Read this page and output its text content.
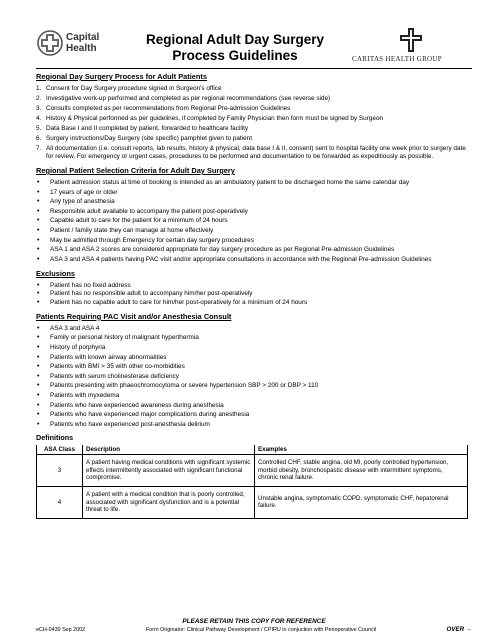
Capital
Health
Regional Adult Day Surgery
Process Guidelines	CARITAS HEALTH GROUP
Regional Day Surgery Process for Adult Patients
1. Consent for Day Surgery procedure signed in Surgeon's office
2. Investigative work-up performed and completed as per regional recommendations (see reverse side)
3. Consults completed as per recommendations from Regional Pre-admission Guidelines
4. History & Physical performed as per guidelines, if completed by Family Physician then form must be signed by Surgeon
5. Data Base I and II completed by patient, forwarded to healthcare facility
6. Surgery instructions/Day Surgery (site specific) pamphlet given to patient
7. All documentation (i.e. consult reports, lab results, history & physical, data base I & II, consent) sent to hospital facility one week prior to surgery date for review. For emergency or urgent cases, procedures to be performed and documentation to be forwarded as expeditiously as possible.
Regional Patient Selection Criteria for Adult Day Surgery
• Patient admission status at time of booking is intended as an ambulatory patient to be discharged home the same calendar day
• 17 years of age or older
• Any type of anesthesia
• Responsible adult available to accompany the patient post-operatively
• Capable adult to care for the patient for a minimum of 24 hours
• Patient / family state they can manage at home effectively
• May be admitted through Emergency for certain day surgery procedures
• ASA 1 and ASA 2 scores are considered appropriate for day surgery procedure as per Regional Pre-admission Guidelines
• ASA 3 and ASA 4 patients having PAC visit and/or appropriate consultations in accordance with the Regional Pre-admission Guidelines
Exclusions
• Patient has no fixed address
• Patient has no responsible adult to accompany him/her post-operatively
• Patient has no capable adult to care for him/her post-operatively for a minimum of 24 hours
Patients Requiring PAC Visit and/or Anesthesia Consult
• ASA 3 and ASA 4
• Family or personal history of malignant hyperthermia
• History of porphyria
• Patients with known airway abnormalities
• Patients with BMI > 35 with other co-morbidities
• Patients with serum cholinesterase deficiency
• Patients presenting with phaeochromocytoma or severe hypertension SBP > 200 or DBP > 110
• Patients with myxedema
• Patients who have experienced awareness during anesthesia
• Patients who have experienced major complications during anesthesia
• Patients who have experienced post-anesthesia delirium
Definitions
ASA Class	Description	Examples
3	A patient having medical conditions with significant systemic effects intermittently associated with significant functional compromise.	Controlled CHF, stable angina, old MI, poorly controlled hypertension, morbid obesity, bronchospastic disease with intermittent symptoms, chronic renal failure.
4	A patient with a medical condition that is poorly controlled, associated with significant dysfunction and is a potential threat to life.	Unstable angina, symptomatic COPD, symptomatic CHF, hepatorenal failure.
PLEASE RETAIN THIS COPY FOR REFERENCE
eCH-0439 Sep 2002	Form Originator: Clinical Pathway Development / CPIRU in conjuction with Perioperative Council	OVER →
